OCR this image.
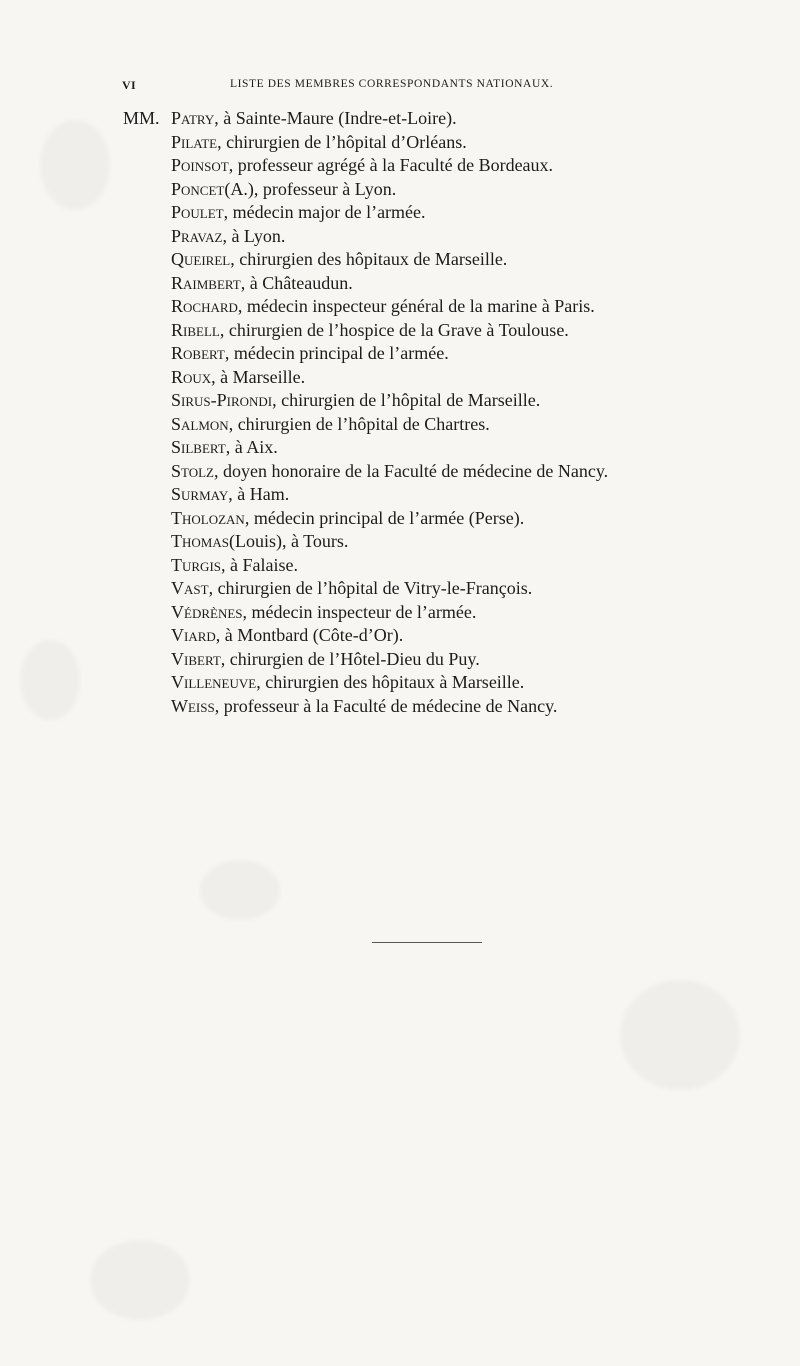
VI	LISTE DES MEMBRES CORRESPONDANTS NATIONAUX.
MM. Patry , à Sainte-Maure (Indre-et-Loire).
Pilate , chirurgien de l’hôpital d’Orléans.
Poinsot , professeur agrégé à la Faculté de Bordeaux.
Poncet (A.), professeur à Lyon.
Poulet , médecin major de l’armée.
Pravaz , à Lyon.
Queirel , chirurgien des hôpitaux de Marseille.
Raimbert , à Châteaudun.
Rochard , médecin inspecteur général de la marine à Paris.
Ribell , chirurgien de l’hospice de la Grave à Toulouse.
Robert , médecin principal de l’armée.
Roux , à Marseille.
Sirus-Pirondi , chirurgien de l’hôpital de Marseille.
Salmon , chirurgien de l’hôpital de Chartres.
Silbert , à Aix.
Stolz , doyen honoraire de la Faculté de médecine de Nancy.
Surmay , à Ham.
Tholozan , médecin principal de l’armée (Perse).
Thomas (Louis), à Tours.
Turgis , à Falaise.
Vast , chirurgien de l’hôpital de Vitry-le-François.
Védrènes , médecin inspecteur de l’armée.
Viard , à Montbard (Côte-d’Or).
Vibert , chirurgien de l’Hôtel-Dieu du Puy.
Villeneuve , chirurgien des hôpitaux à Marseille.
Weiss , professeur à la Faculté de médecine de Nancy.
